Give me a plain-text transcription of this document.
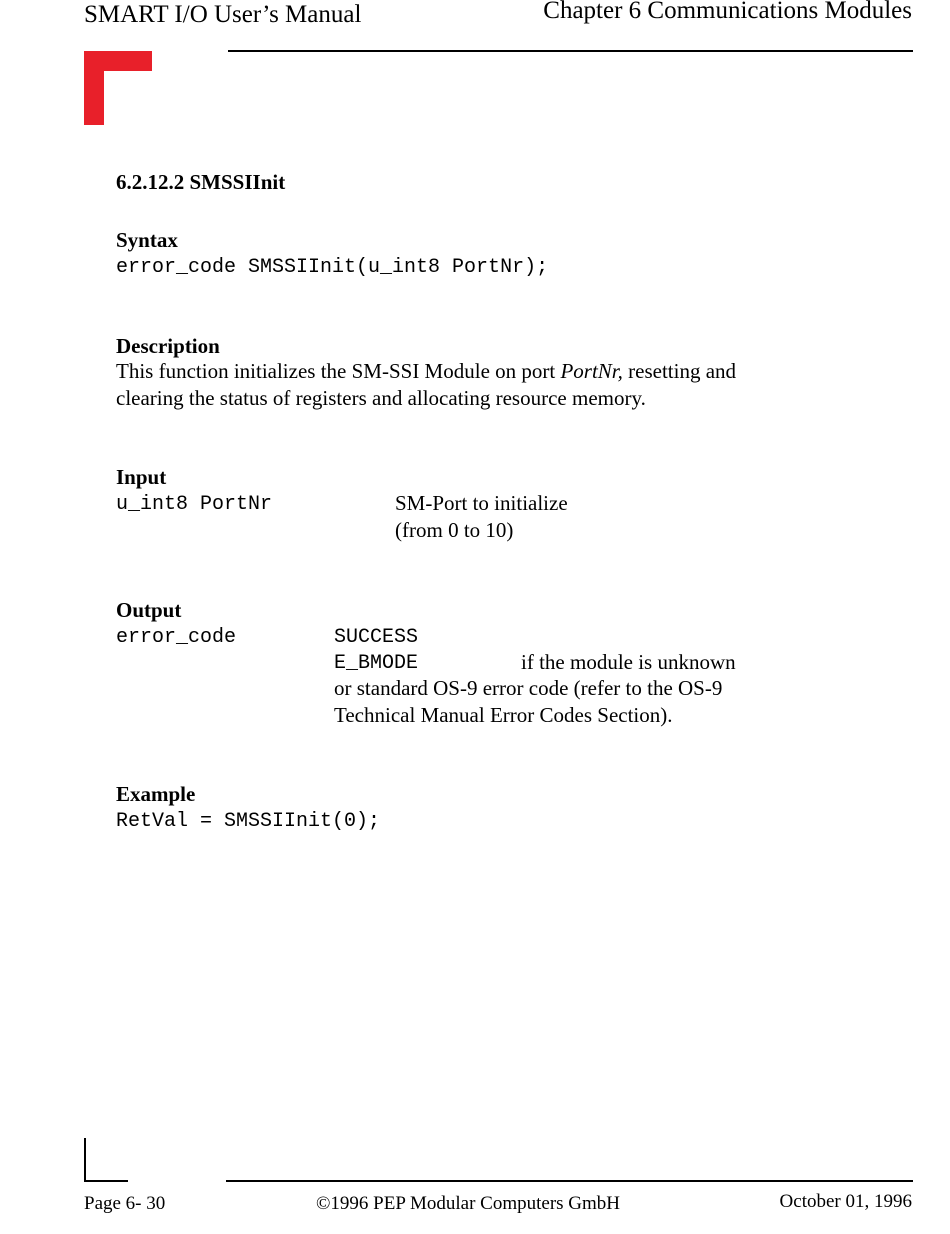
SMART I/O User’s Manual	Chapter 6 Communications Modules
6.2.12.2 SMSSIInit
Syntax
error_code SMSSIInit(u_int8 PortNr);
Description
This function initializes the SM-SSI Module on port PortNr, resetting and
clearing the status of registers and allocating resource memory.
Input
u_int8 PortNr	SM-Port to initialize
(from 0 to 10)
Output
error_code	SUCCESS
E_BMODE	if the module is unknown
or standard OS-9 error code (refer to the OS-9
Technical Manual Error Codes Section).
Example
RetVal = SMSSIInit(0);
Page 6- 30	©1996 PEP Modular Computers GmbH	October 01, 1996
